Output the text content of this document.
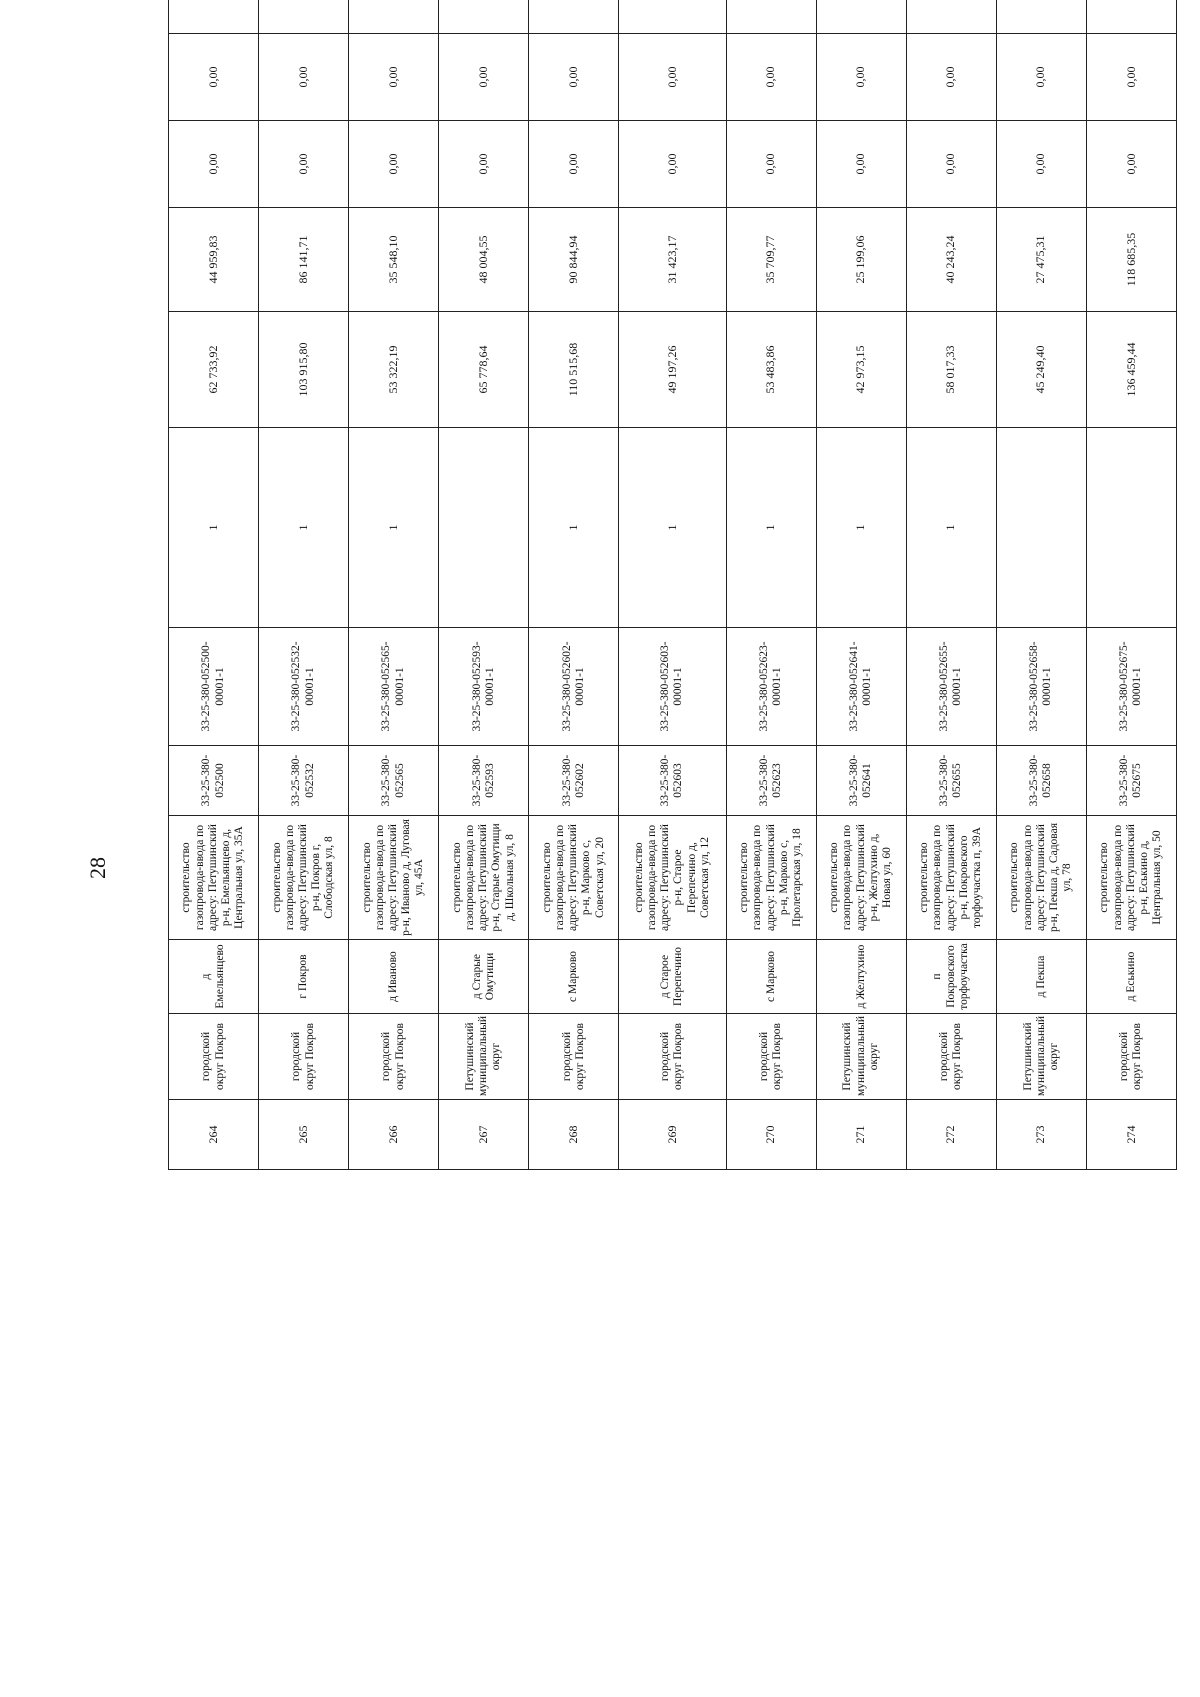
28
264	городской округ Покров	д Емельянцево	строительство газопровода-ввода по адресу: Петушинский р-н, Емельянцево д, Центральная ул, 35А	33-25-380-052500	33-25-380-052500-00001-1	1	62 733,92	44 959,83	0,00	0,00		
265	городской округ Покров	г Покров	строительство газопровода-ввода по адресу: Петушинский р-н, Покров г, Слободская ул, 8	33-25-380-052532	33-25-380-052532-00001-1	1	103 915,80	86 141,71	0,00	0,00		
266	городской округ Покров	д Иваново	строительство газопровода-ввода по адресу: Петушинский р-н, Иваново д, Луговая ул, 45А	33-25-380-052565	33-25-380-052565-00001-1	1	53 322,19	35 548,10	0,00	0,00		
267	Петушинский муниципальный округ	д Старые Омутищи	строительство газопровода-ввода по адресу: Петушинский р-н, Старые Омутищи д, Школьная ул, 8	33-25-380-052593	33-25-380-052593-00001-1		65 778,64	48 004,55	0,00	0,00		
268	городской округ Покров	с Марково	строительство газопровода-ввода по адресу: Петушинский р-н, Марково с, Советская ул, 20	33-25-380-052602	33-25-380-052602-00001-1	1	110 515,68	90 844,94	0,00	0,00		
269	городской округ Покров	д Старое Перепечино	строительство газопровода-ввода по адресу: Петушинский р-н, Старое Перепечино д, Советская ул, 12	33-25-380-052603	33-25-380-052603-00001-1	1	49 197,26	31 423,17	0,00	0,00		
270	городской округ Покров	с Марково	строительство газопровода-ввода по адресу: Петушинский р-н, Марково с, Пролетарская ул, 18	33-25-380-052623	33-25-380-052623-00001-1	1	53 483,86	35 709,77	0,00	0,00		
271	Петушинский муниципальный округ	д Желтухино	строительство газопровода-ввода по адресу: Петушинский р-н, Желтухино д, Новая ул, 60	33-25-380-052641	33-25-380-052641-00001-1	1	42 973,15	25 199,06	0,00	0,00		
272	городской округ Покров	п Покровского торфоучастка	строительство газопровода-ввода по адресу: Петушинский р-н, Покровского торфоучастка п, 39А	33-25-380-052655	33-25-380-052655-00001-1	1	58 017,33	40 243,24	0,00	0,00		
273	Петушинский муниципальный округ	д Пекша	строительство газопровода-ввода по адресу: Петушинский р-н, Пекша д, Садовая ул, 78	33-25-380-052658	33-25-380-052658-00001-1		45 249,40	27 475,31	0,00	0,00		
274	городской округ Покров	д Еськино	строительство газопровода-ввода по адресу: Петушинский р-н, Еськино д, Центральная ул, 50	33-25-380-052675	33-25-380-052675-00001-1		136 459,44	118 685,35	0,00	0,00		
